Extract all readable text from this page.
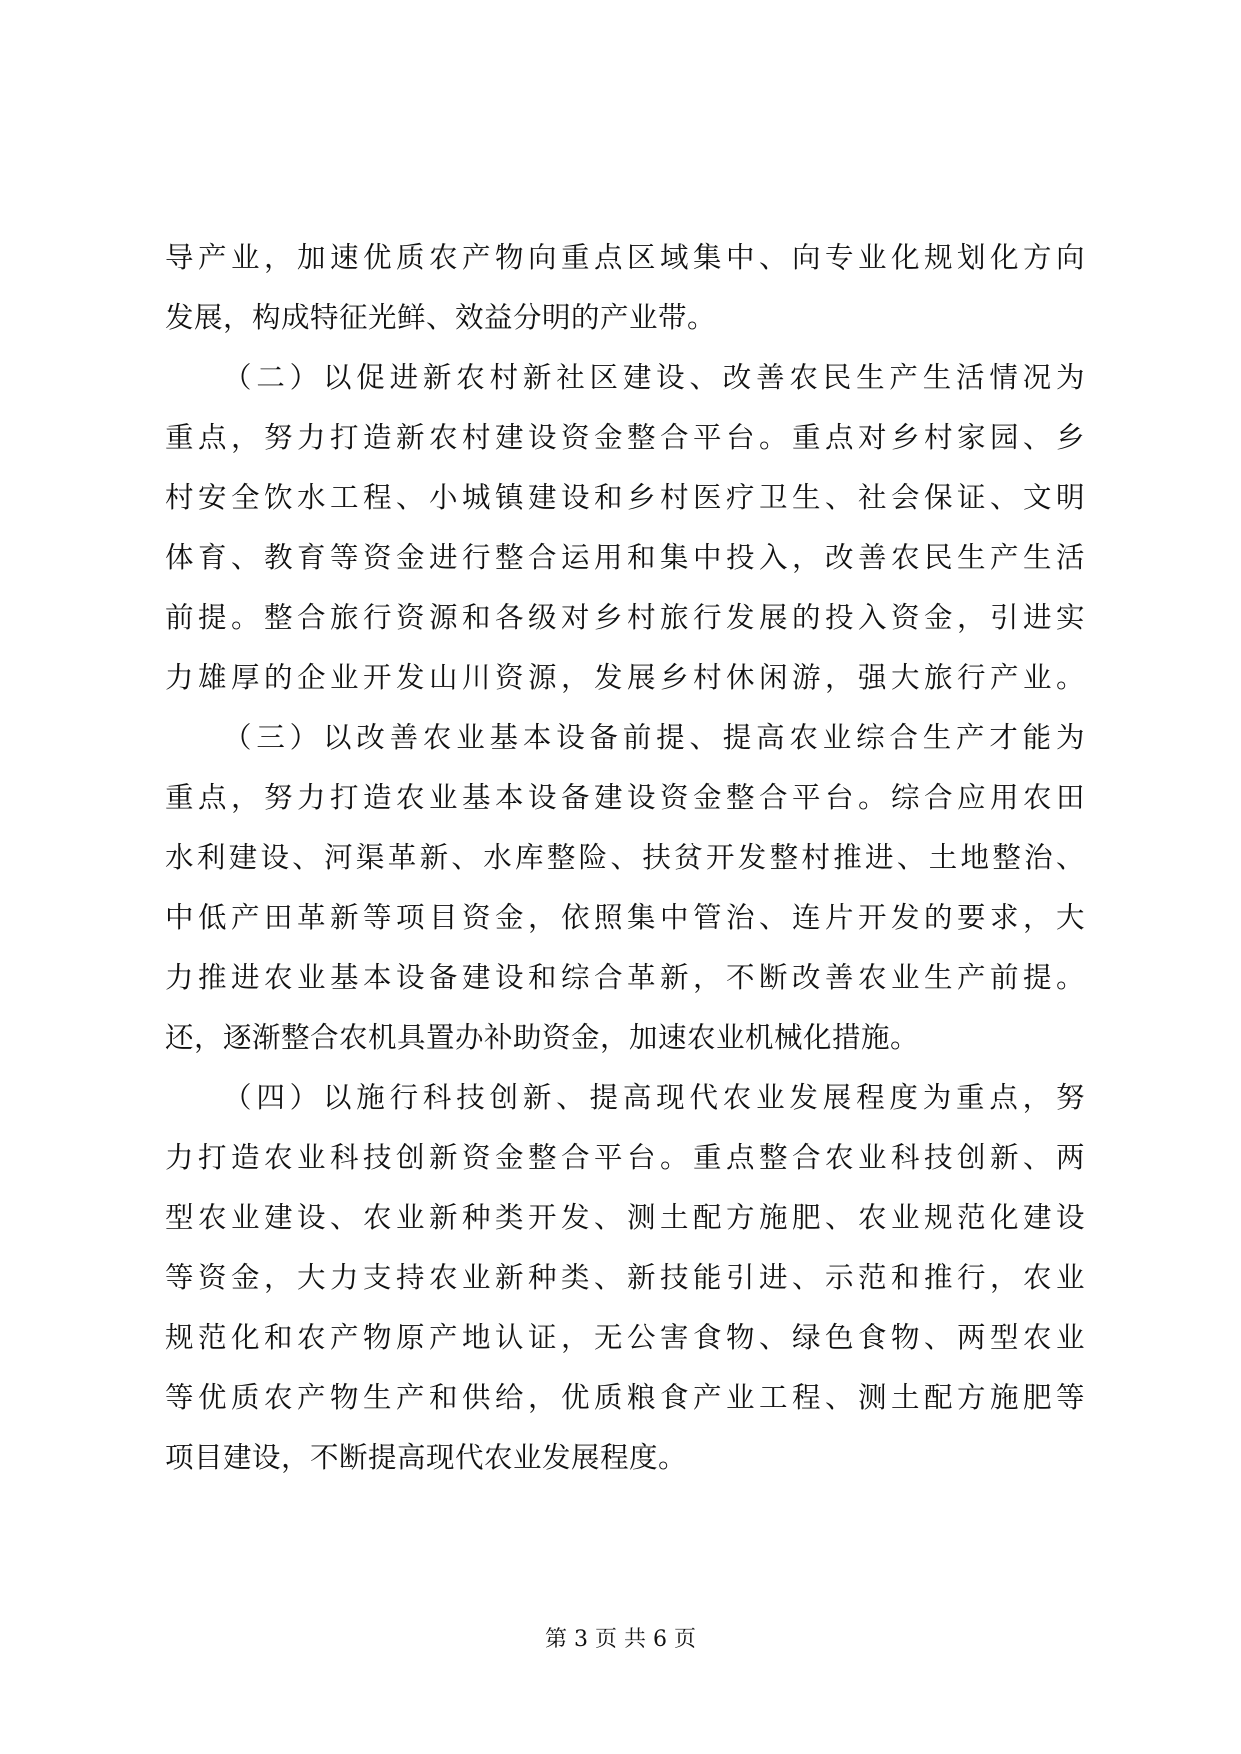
导产业，加速优质农产物向重点区域集中、向专业化规划化方向
发展，构成特征光鲜、效益分明的产业带。
（二）以促进新农村新社区建设、改善农民生产生活情况为
重点，努力打造新农村建设资金整合平台。重点对乡村家园、乡
村安全饮水工程、小城镇建设和乡村医疗卫生、社会保证、文明
体育、教育等资金进行整合运用和集中投入，改善农民生产生活
前提。整合旅行资源和各级对乡村旅行发展的投入资金，引进实
力雄厚的企业开发山川资源，发展乡村休闲游，强大旅行产业。
（三）以改善农业基本设备前提、提高农业综合生产才能为
重点，努力打造农业基本设备建设资金整合平台。综合应用农田
水利建设、河渠革新、水库整险、扶贫开发整村推进、土地整治、
中低产田革新等项目资金，依照集中管治、连片开发的要求，大
力推进农业基本设备建设和综合革新，不断改善农业生产前提。
还，逐渐整合农机具置办补助资金，加速农业机械化措施。
（四）以施行科技创新、提高现代农业发展程度为重点，努
力打造农业科技创新资金整合平台。重点整合农业科技创新、两
型农业建设、农业新种类开发、测土配方施肥、农业规范化建设
等资金，大力支持农业新种类、新技能引进、示范和推行，农业
规范化和农产物原产地认证，无公害食物、绿色食物、两型农业
等优质农产物生产和供给，优质粮食产业工程、测土配方施肥等
项目建设，不断提高现代农业发展程度。
第 3 页 共 6 页
